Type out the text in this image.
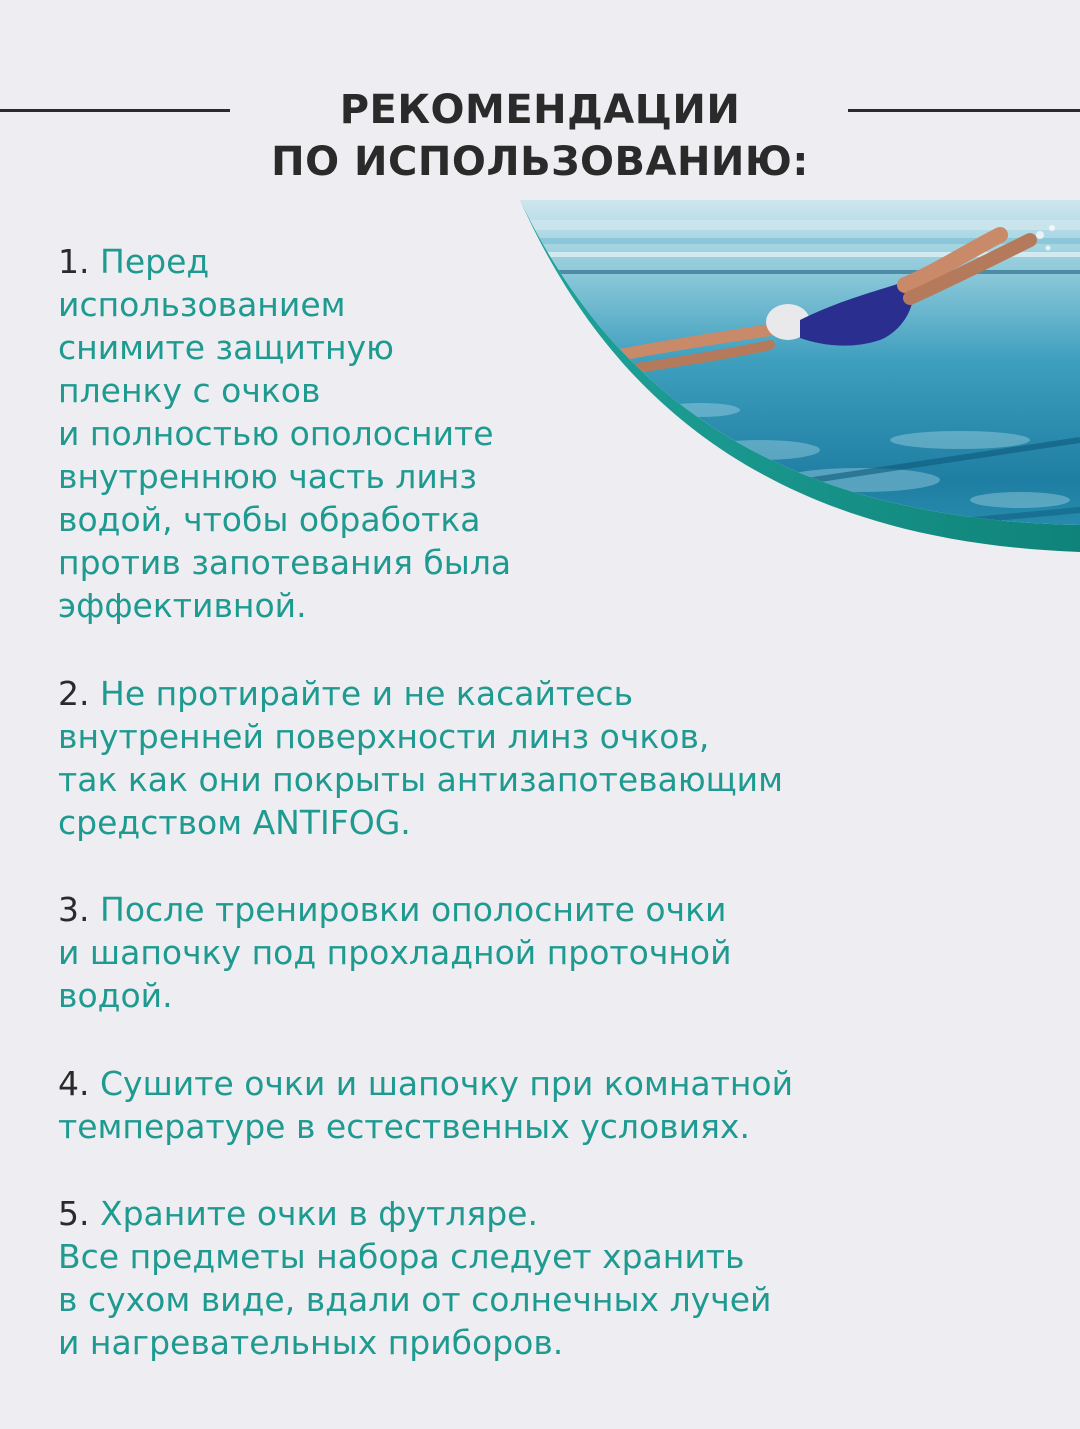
РЕКОМЕНДАЦИИ
ПО ИСПОЛЬЗОВАНИЮ:

1. Перед
использованием
снимите защитную
пленку с очков
и полностью ополосните
внутреннюю часть линз
водой, чтобы обработка
против запотевания была
эффективной.

2. Не протирайте и не касайтесь
внутренней поверхности линз очков,
так как они покрыты антизапотевающим
средством ANTIFOG.

3. После тренировки ополосните очки
и шапочку под прохладной проточной
водой.

4. Сушите очки и шапочку при комнатной
температуре в естественных условиях.

5. Храните очки в футляре.
Все предметы набора следует хранить
в сухом виде, вдали от солнечных лучей
и нагревательных приборов.
